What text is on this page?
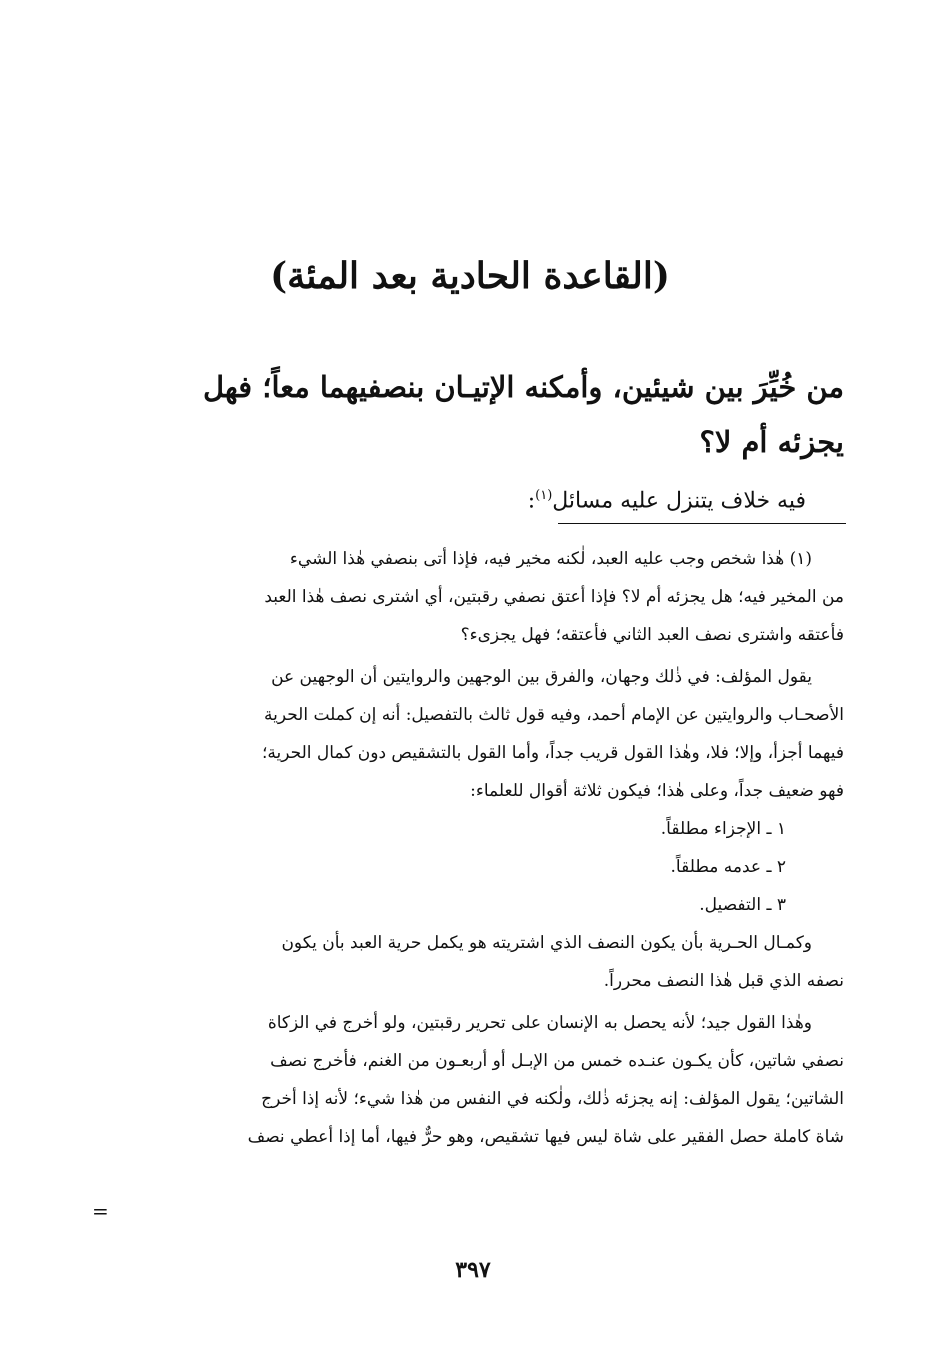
(القاعدة الحادية بعد المئة)
من خُيِّرَ بين شيئين، وأمكنه الإتيـان بنصفيهما معاً؛ فهل
يجزئه أم لا؟
فيه خلاف يتنزل عليه مسائل$^{(١)}$:
(١) هٰذا شخص وجب عليه العبد، لٰكنه مخير فيه، فإذا أتى بنصفي هٰذا الشيء
من المخير فيه؛ هل يجزئه أم لا؟ فإذا أعتق نصفي رقبتين، أي اشترى نصف هٰذا العبد
فأعتقه واشترى نصف العبد الثاني فأعتقه؛ فهل يجزىء؟
يقول المؤلف: في ذٰلك وجهان، والفرق بين الوجهين والروايتين أن الوجهين عن
الأصحـاب والروايتين عن الإمام أحمد، وفيه قول ثالث بالتفصيل: أنه إن كملت الحرية
فيهما أجزأ، وإلا؛ فلا، وهٰذا القول قريب جداً، وأما القول بالتشقيص دون كمال الحرية؛
فهو ضعيف جداً، وعلى هٰذا؛ فيكون ثلاثة أقوال للعلماء:
١ ـ الإجزاء مطلقاً.
٢ ـ عدمه مطلقاً.
٣ ـ التفصيل.
وكمـال الحـرية بأن يكون النصف الذي اشتريته هو يكمل حرية العبد بأن يكون
نصفه الذي قبل هٰذا النصف محرراً.
وهٰذا القول جيد؛ لأنه يحصل به الإنسان على تحرير رقبتين، ولو أخرج في الزكاة
نصفي شاتين، كأن يكـون عنـده خمس من الإبـل أو أربعـون من الغنم، فأخرج نصف
الشاتين؛ يقول المؤلف: إنه يجزئه ذٰلك، ولٰكنه في النفس من هٰذا شيء؛ لأنه إذا أخرج
شاة كاملة حصل الفقير على شاة ليس فيها تشقيص، وهو حرٌّ فيها، أما إذا أعطي نصف
=
٣٩٧
